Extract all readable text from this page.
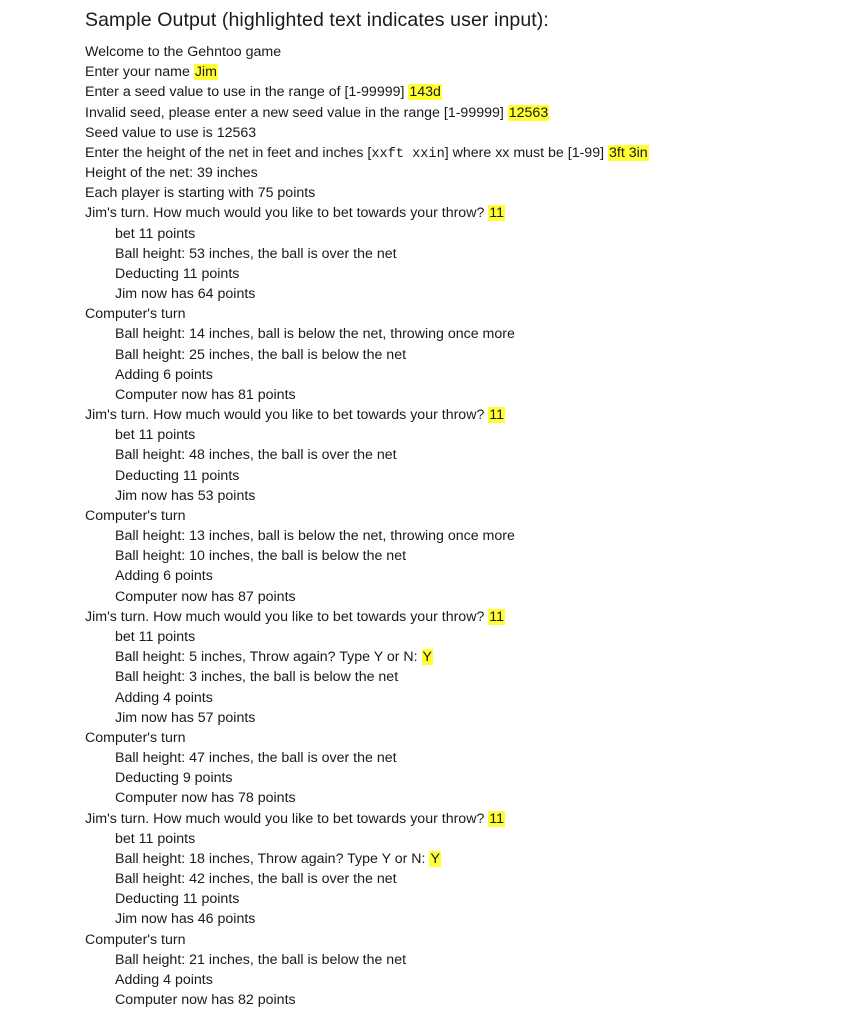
Sample Output (highlighted text indicates user input):
Welcome to the Gehntoo game
Enter your name Jim
Enter a seed value to use in the range of [1-99999] 143d
Invalid seed, please enter a new seed value in the range [1-99999] 12563
Seed value to use is 12563
Enter the height of the net in feet and inches [xxft xxin] where xx must be [1-99] 3ft 3in
Height of the net: 39 inches
Each player is starting with 75 points
Jim's turn. How much would you like to bet towards your throw? 11
bet 11 points
Ball height: 53 inches, the ball is over the net
Deducting 11 points
Jim now has 64 points
Computer's turn
Ball height: 14 inches, ball is below the net, throwing once more
Ball height: 25 inches, the ball is below the net
Adding 6 points
Computer now has 81 points
Jim's turn. How much would you like to bet towards your throw? 11
bet 11 points
Ball height: 48 inches, the ball is over the net
Deducting 11 points
Jim now has 53 points
Computer's turn
Ball height: 13 inches, ball is below the net, throwing once more
Ball height: 10 inches, the ball is below the net
Adding 6 points
Computer now has 87 points
Jim's turn. How much would you like to bet towards your throw? 11
bet 11 points
Ball height: 5 inches, Throw again? Type Y or N: Y
Ball height: 3 inches, the ball is below the net
Adding 4 points
Jim now has 57 points
Computer's turn
Ball height: 47 inches, the ball is over the net
Deducting 9 points
Computer now has 78 points
Jim's turn. How much would you like to bet towards your throw? 11
bet 11 points
Ball height: 18 inches, Throw again? Type Y or N: Y
Ball height: 42 inches, the ball is over the net
Deducting 11 points
Jim now has 46 points
Computer's turn
Ball height: 21 inches, the ball is below the net
Adding 4 points
Computer now has 82 points
